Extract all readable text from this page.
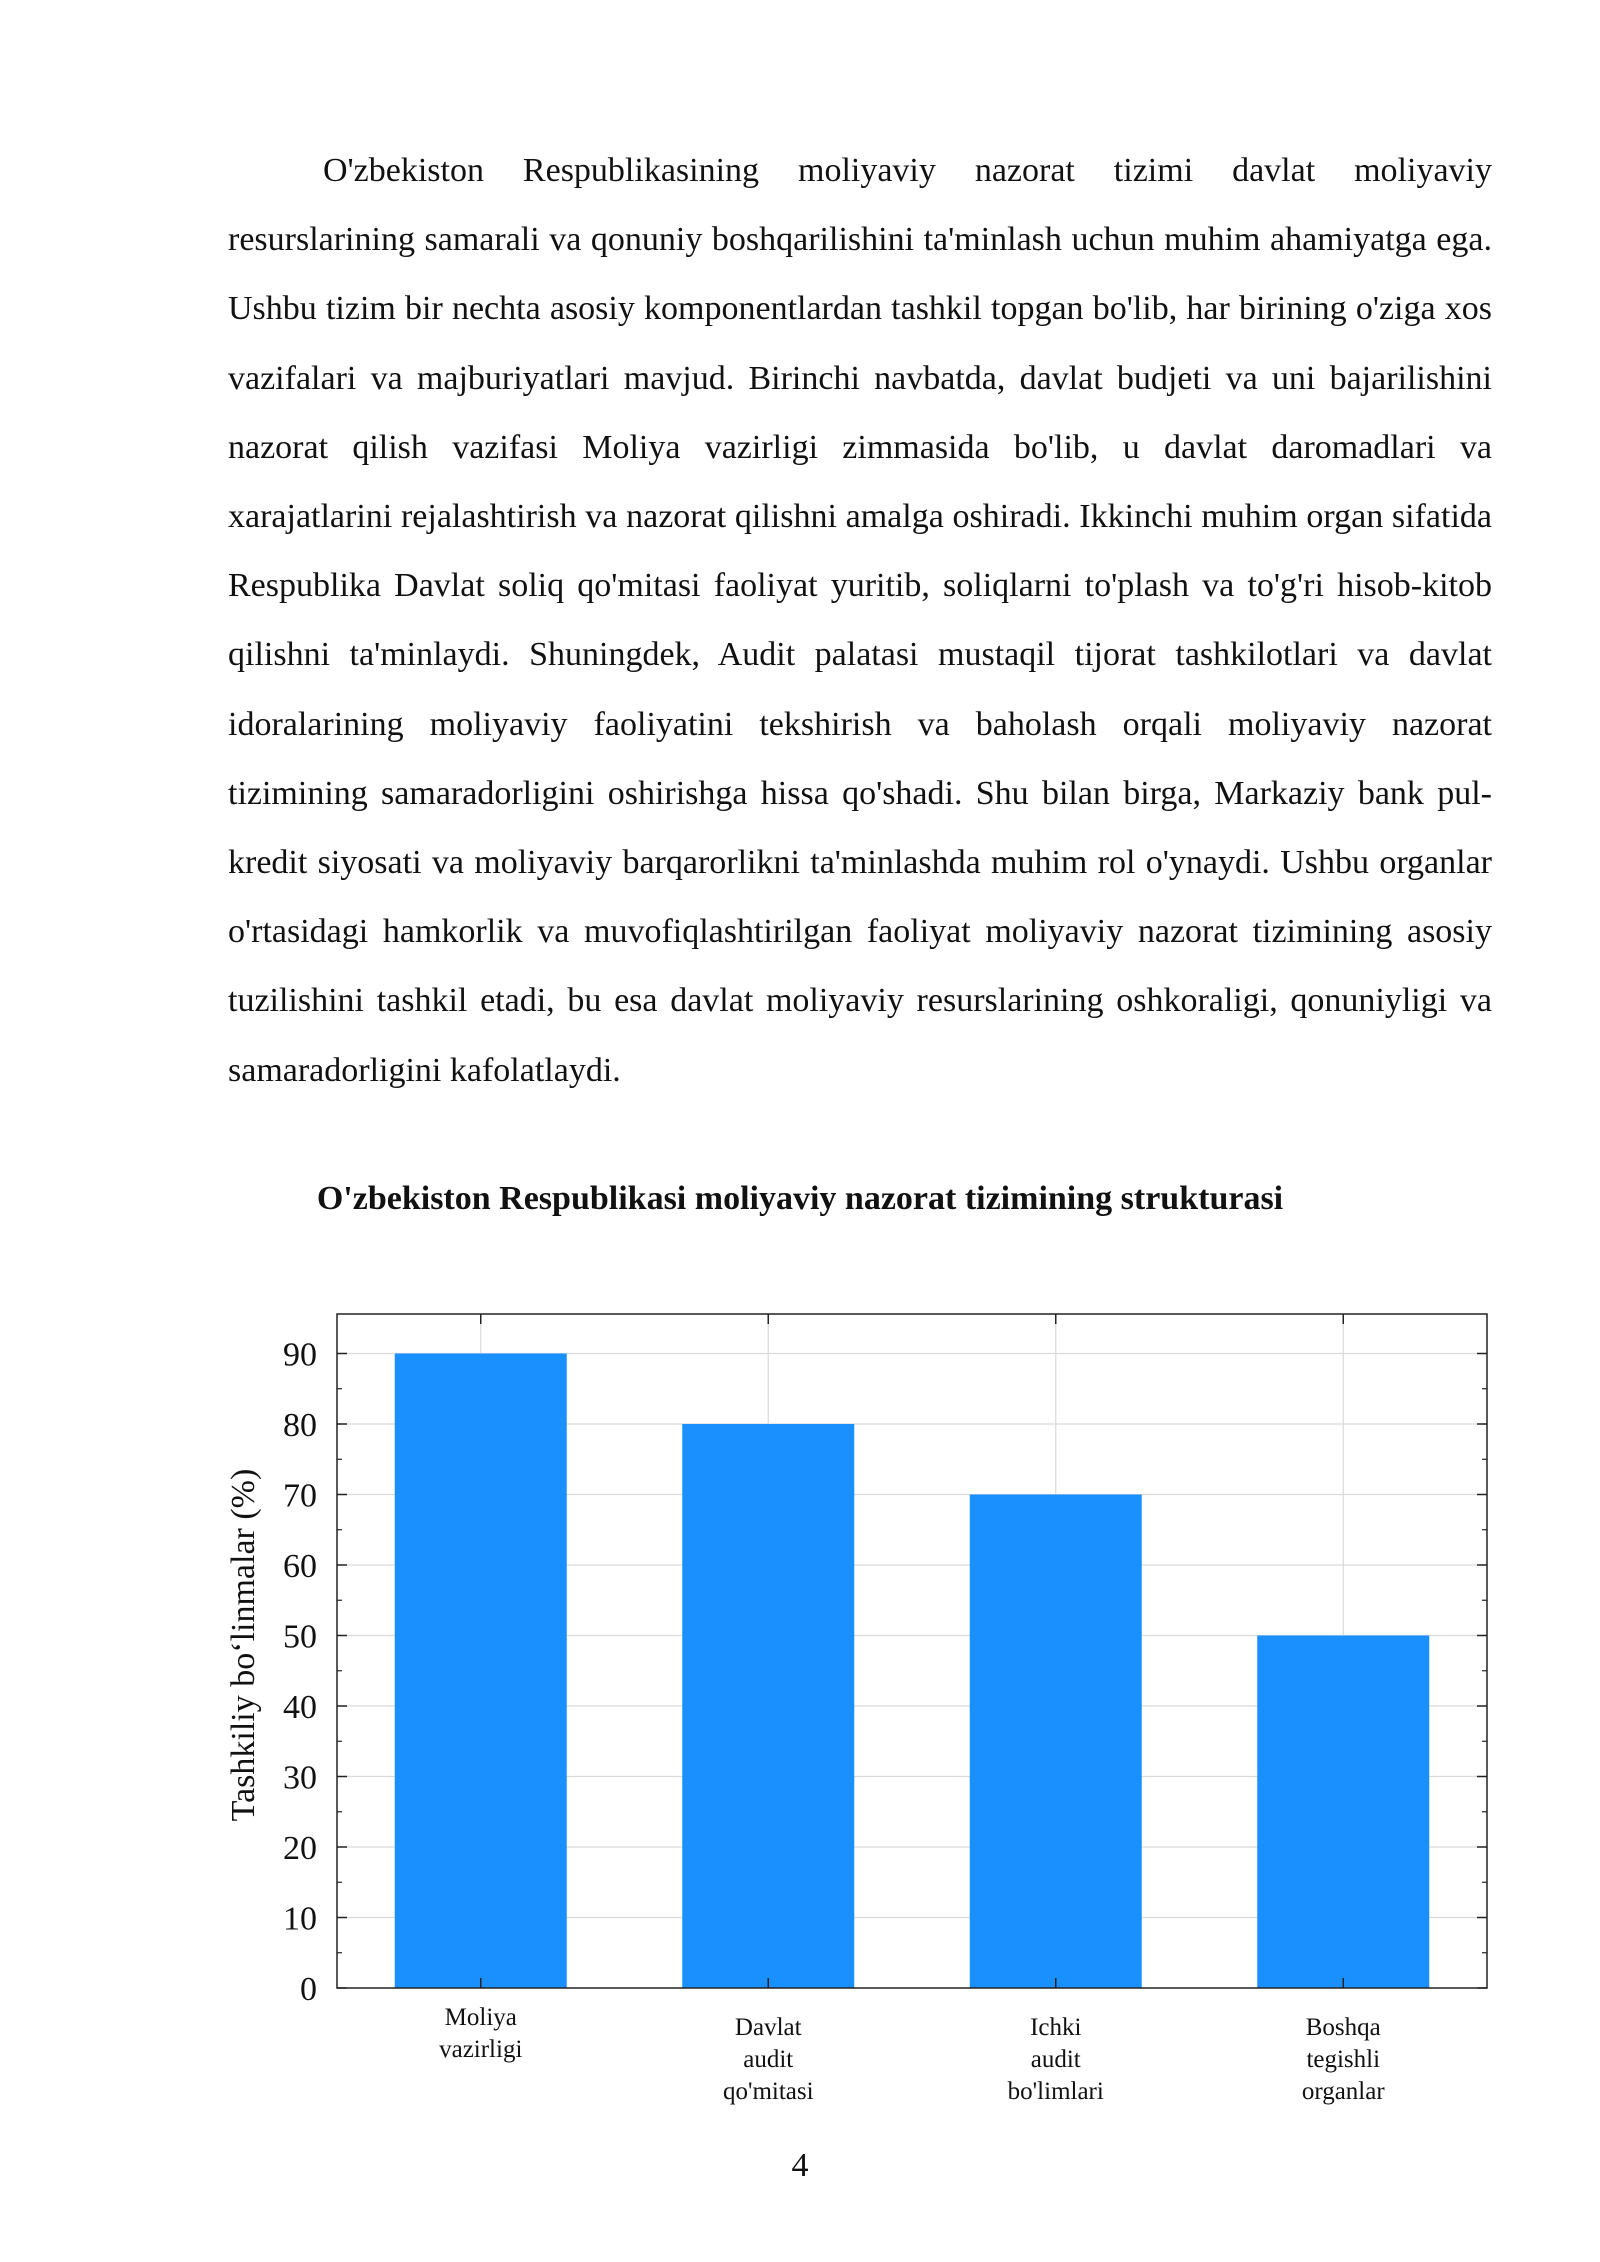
O'zbekiston Respublikasining moliyaviy nazorat tizimi davlat moliyaviy resurslarining samarali va qonuniy boshqarilishini ta'minlash uchun muhim ahamiyatga ega. Ushbu tizim bir nechta asosiy komponentlardan tashkil topgan bo'lib, har birining o'ziga xos vazifalari va majburiyatlari mavjud. Birinchi navbatda, davlat budjeti va uni bajarilishini nazorat qilish vazifasi Moliya vazirligi zimmasida bo'lib, u davlat daromadlari va xarajatlarini rejalashtirish va nazorat qilishni amalga oshiradi. Ikkinchi muhim organ sifatida Respublika Davlat soliq qo'mitasi faoliyat yuritib, soliqlarni to'plash va to'g'ri hisob-kitob qilishni ta'minlaydi. Shuningdek, Audit palatasi mustaqil tijorat tashkilotlari va davlat idoralarining moliyaviy faoliyatini tekshirish va baholash orqali moliyaviy nazorat tizimining samaradorligini oshirishga hissa qo'shadi. Shu bilan birga, Markaziy bank pul-kredit siyosati va moliyaviy barqarorlikni ta'minlashda muhim rol o'ynaydi. Ushbu organlar o'rtasidagi hamkorlik va muvofiqlashtirilgan faoliyat moliyaviy nazorat tizimining asosiy tuzilishini tashkil etadi, bu esa davlat moliyaviy resurslarining oshkoraligi, qonuniyligi va samaradorligini kafolatlaydi.

O'zbekiston Respublikasi moliyaviy nazorat tizimining strukturasi
0
10
20
30
40
50
60
70
80
90
Moliya vazirligi
Davlat audit qo'mitasi
Ichki audit bo'limlari
Boshqa tegishli organlar
Tashkiliy bo‘linmalar (%)
4
